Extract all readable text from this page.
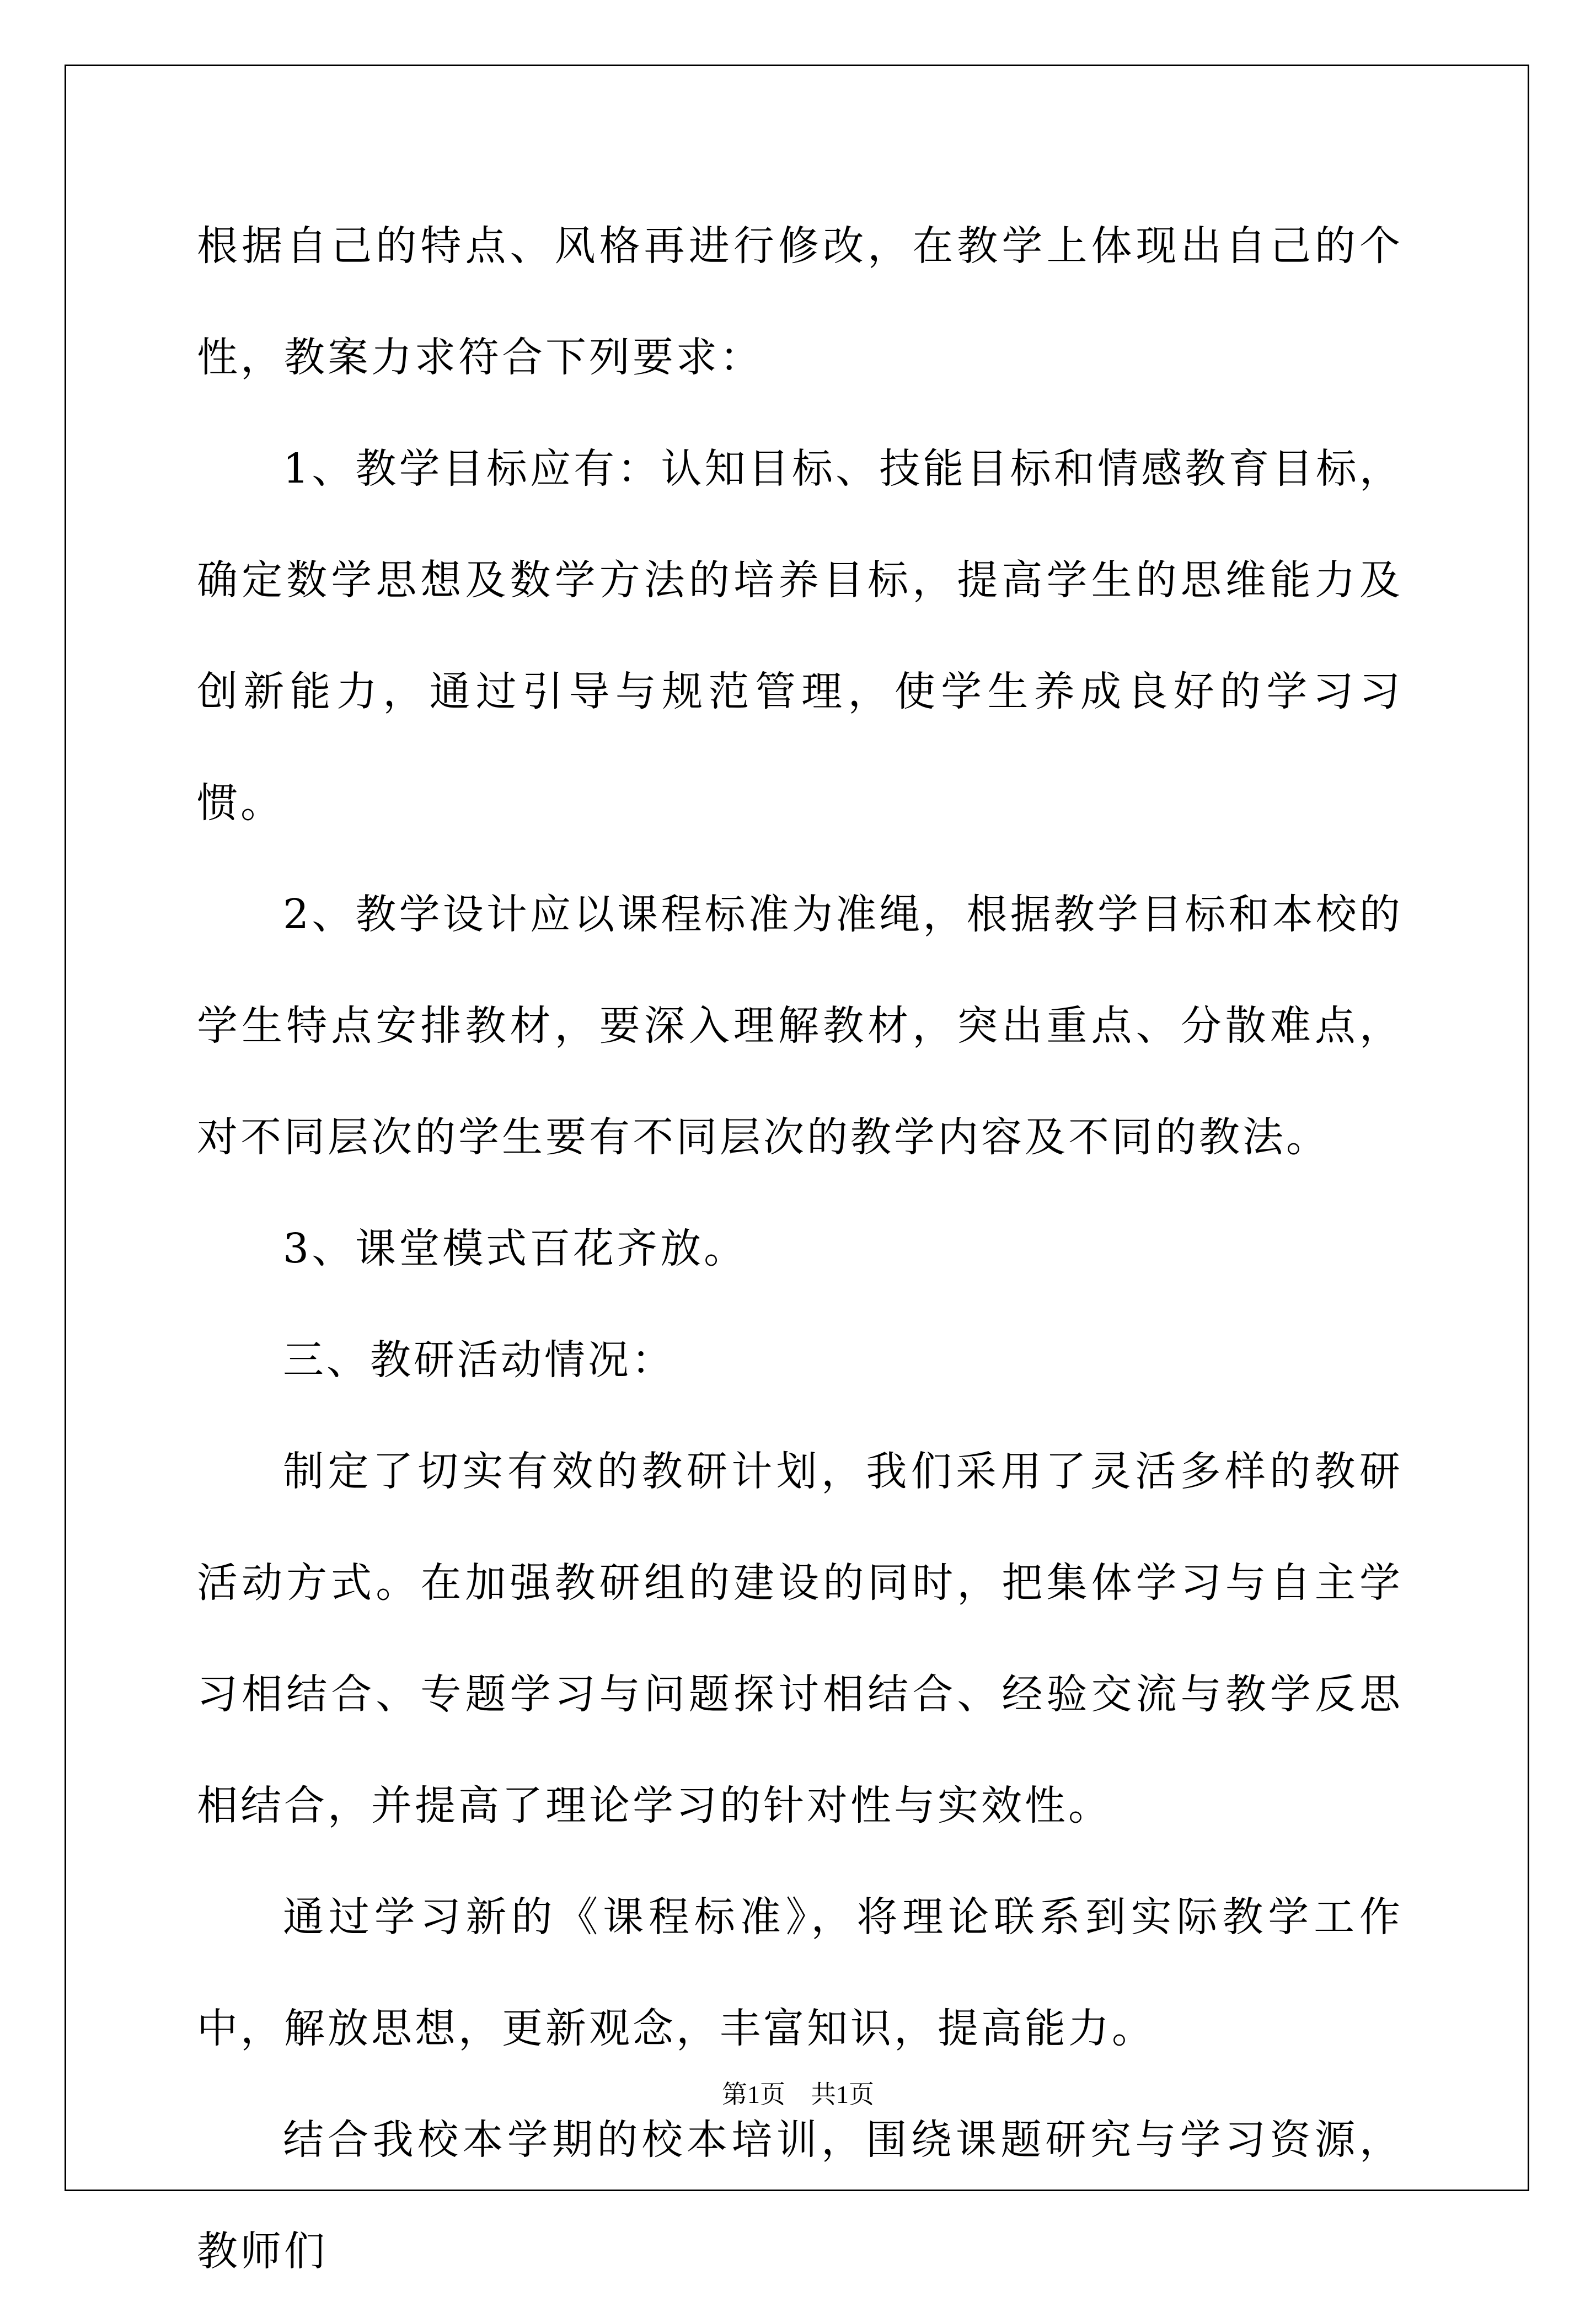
根据自己的特点、风格再进行修改，在教学上体现出自己的个性，教案力求符合下列要求：

1、教学目标应有：认知目标、技能目标和情感教育目标，确定数学思想及数学方法的培养目标，提高学生的思维能力及创新能力，通过引导与规范管理，使学生养成良好的学习习惯。

2、教学设计应以课程标准为准绳，根据教学目标和本校的学生特点安排教材，要深入理解教材，突出重点、分散难点，对不同层次的学生要有不同层次的教学内容及不同的教法。

3、课堂模式百花齐放。

三、教研活动情况：

制定了切实有效的教研计划，我们采用了灵活多样的教研活动方式。在加强教研组的建设的同时，把集体学习与自主学习相结合、专题学习与问题探讨相结合、经验交流与教学反思相结合，并提高了理论学习的针对性与实效性。

通过学习新的《课程标准》，将理论联系到实际教学工作中，解放思想，更新观念，丰富知识，提高能力。

结合我校本学期的校本培训，围绕课题研究与学习资源，教师们

第1页 共1页
